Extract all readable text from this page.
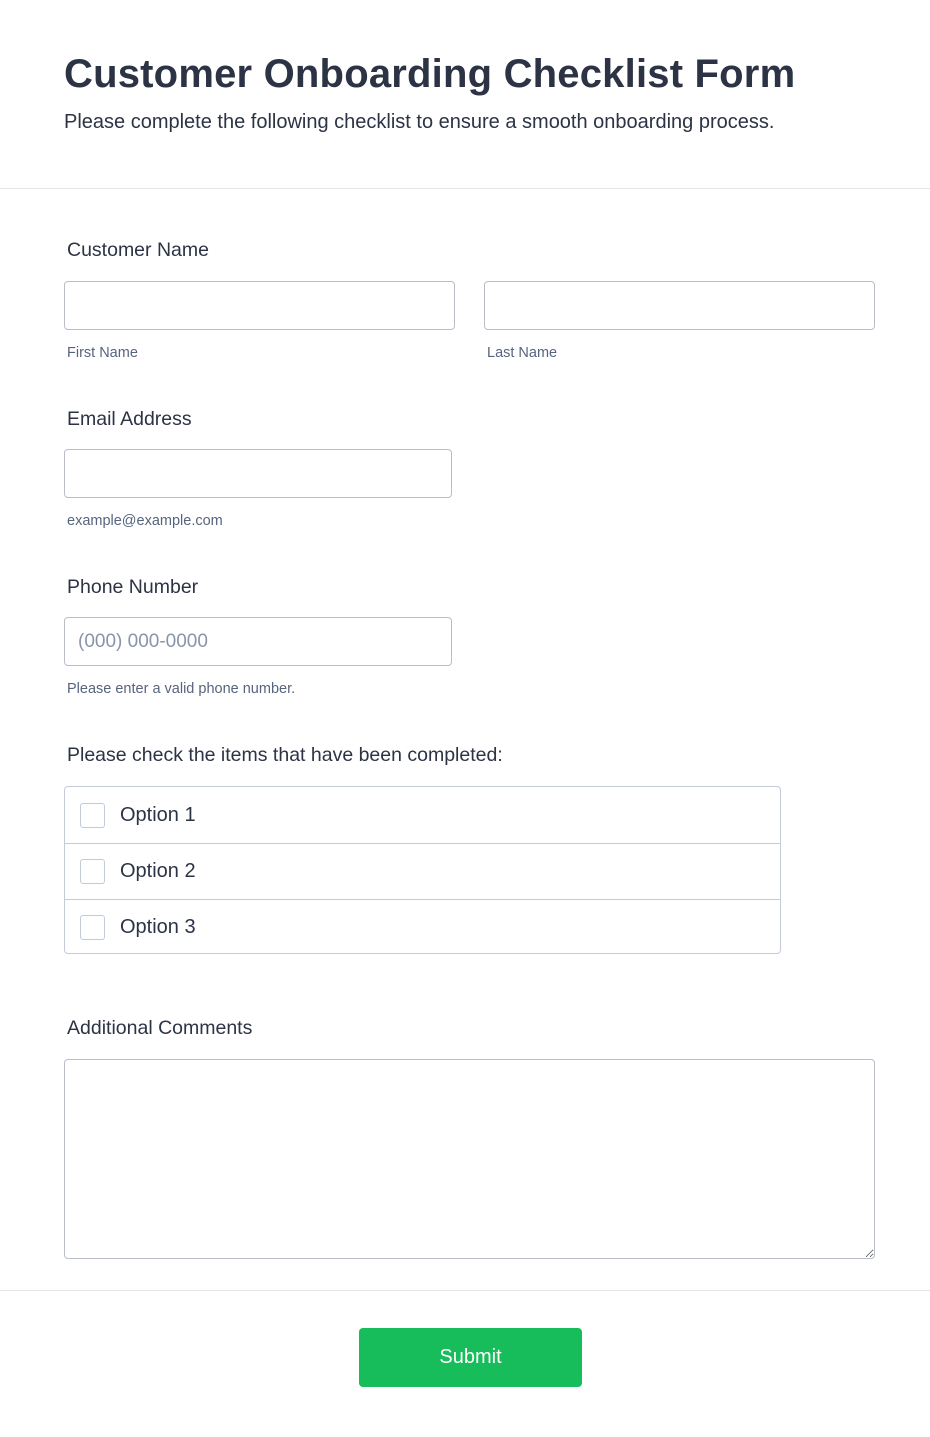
Customer Onboarding Checklist Form

Please complete the following checklist to ensure a smooth onboarding process.

Customer Name
First Name	Last Name
Email Address
example@example.com
Phone Number
(000) 000-0000
Please enter a valid phone number.
Please check the items that have been completed:
Option 1
Option 2
Option 3
Additional Comments
Submit
